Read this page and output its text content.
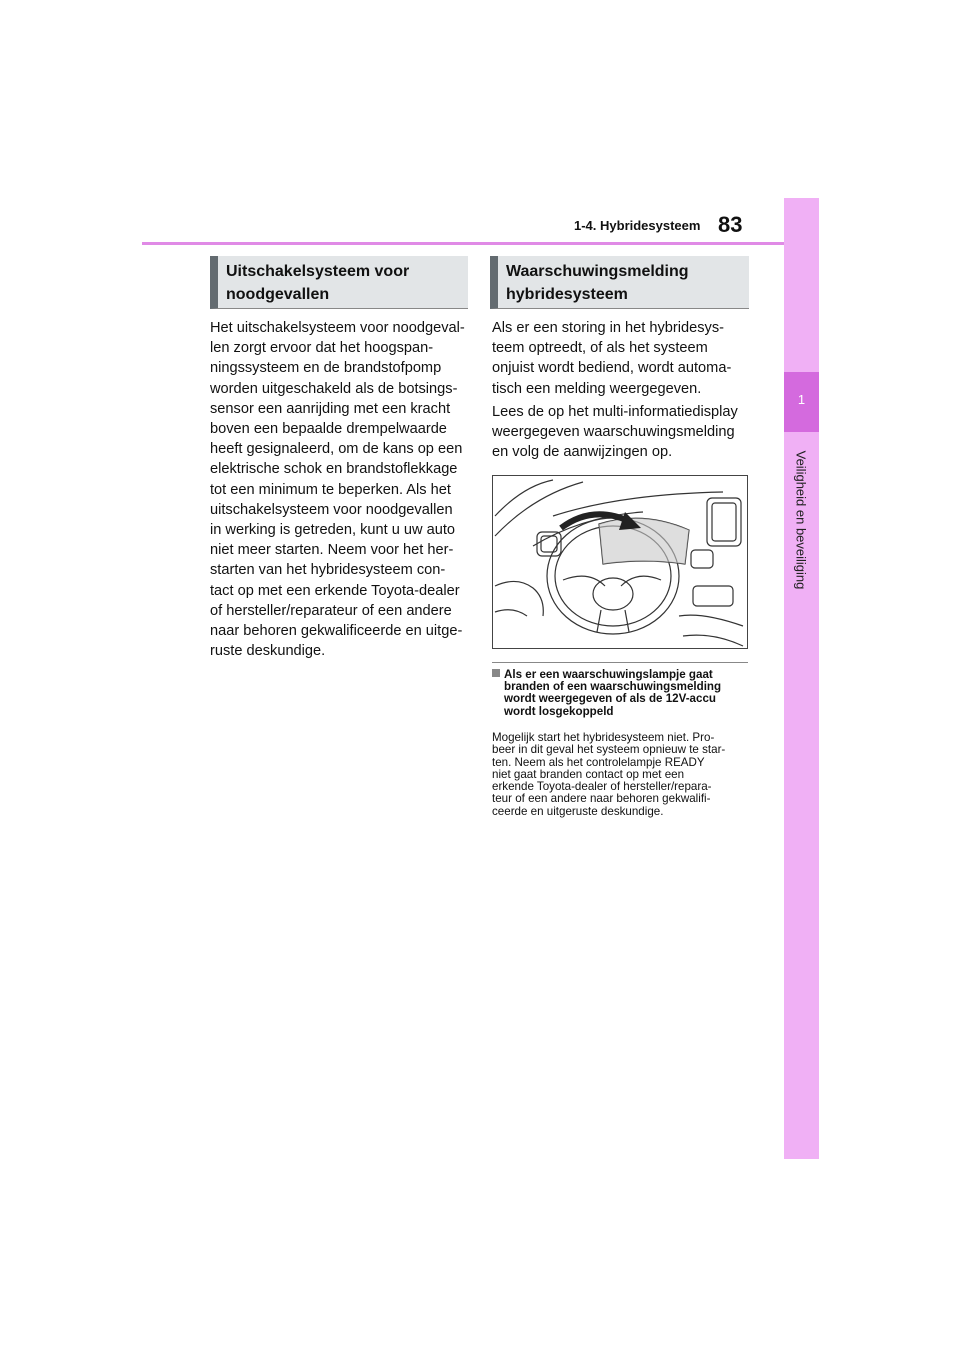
1
Veiligheid en beveiliging
1-4. Hybridesysteem 83
Uitschakelsysteem voor
noodgevallen
Het uitschakelsysteem voor noodgeval-
len zorgt ervoor dat het hoogspan-
ningssysteem en de brandstofpomp
worden uitgeschakeld als de botsings-
sensor een aanrijding met een kracht
boven een bepaalde drempelwaarde
heeft gesignaleerd, om de kans op een
elektrische schok en brandstoflekkage
tot een minimum te beperken. Als het
uitschakelsysteem voor noodgevallen
in werking is getreden, kunt u uw auto
niet meer starten. Neem voor het her-
starten van het hybridesysteem con-
tact op met een erkende Toyota-dealer
of hersteller/reparateur of een andere
naar behoren gekwalificeerde en uitge-
ruste deskundige.
Waarschuwingsmelding
hybridesysteem
Als er een storing in het hybridesys-
teem optreedt, of als het systeem
onjuist wordt bediend, wordt automa-
tisch een melding weergegeven.
Lees de op het multi-informatiedisplay
weergegeven waarschuwingsmelding
en volg de aanwijzingen op.
Als er een waarschuwingslampje gaat
branden of een waarschuwingsmelding
wordt weergegeven of als de 12V-accu
wordt losgekoppeld
Mogelijk start het hybridesysteem niet. Pro-
beer in dit geval het systeem opnieuw te star-
ten. Neem als het controlelampje READY
niet gaat branden contact op met een
erkende Toyota-dealer of hersteller/repara-
teur of een andere naar behoren gekwalifi-
ceerde en uitgeruste deskundige.
